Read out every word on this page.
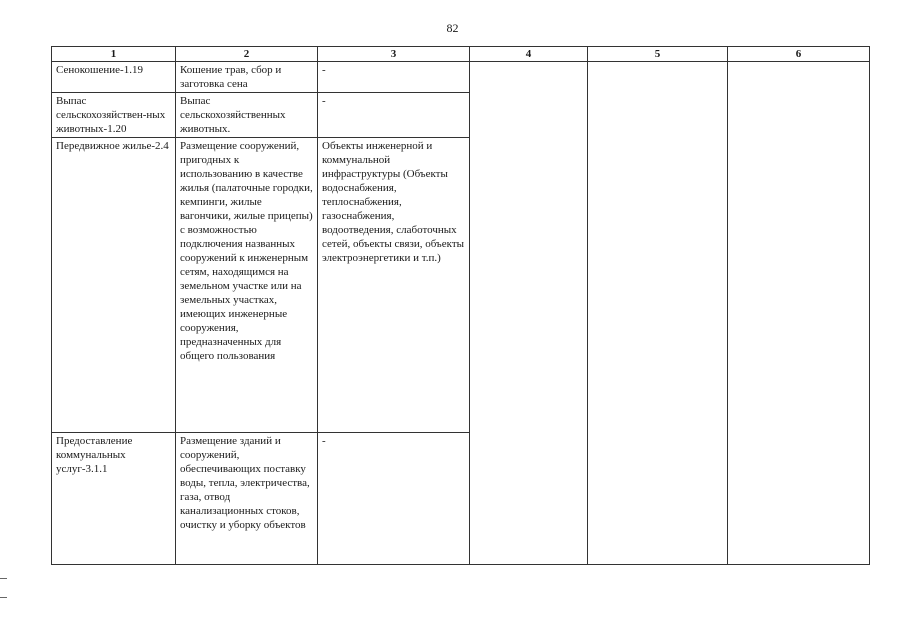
82
1	2	3	4	5	6
Сенокошение-1.19	Кошение трав, сбор и заготовка сена	-			
Выпас сельскохозяйствен-ных животных-1.20	Выпас сельскохозяйственных животных.	-			
Передвижное жилье-2.4	Размещение сооружений, пригодных к использованию в качестве жилья (палаточные городки, кемпинги, жилые вагончики, жилые прицепы) с возможностью подключения названных сооружений к инженерным сетям, находящимся на земельном участке или на земельных участках, имеющих инженерные сооружения, предназначенных для общего пользования	Объекты инженерной и коммунальной инфраструктуры (Объекты водоснабжения, теплоснабжения, газоснабжения, водоотведения, слаботочных сетей, объекты связи, объекты электроэнергетики и т.п.)			
Предоставление коммунальных услуг-3.1.1	Размещение зданий и сооружений, обеспечивающих поставку воды, тепла, электричества, газа, отвод канализационных стоков, очистку и уборку объектов	-			
